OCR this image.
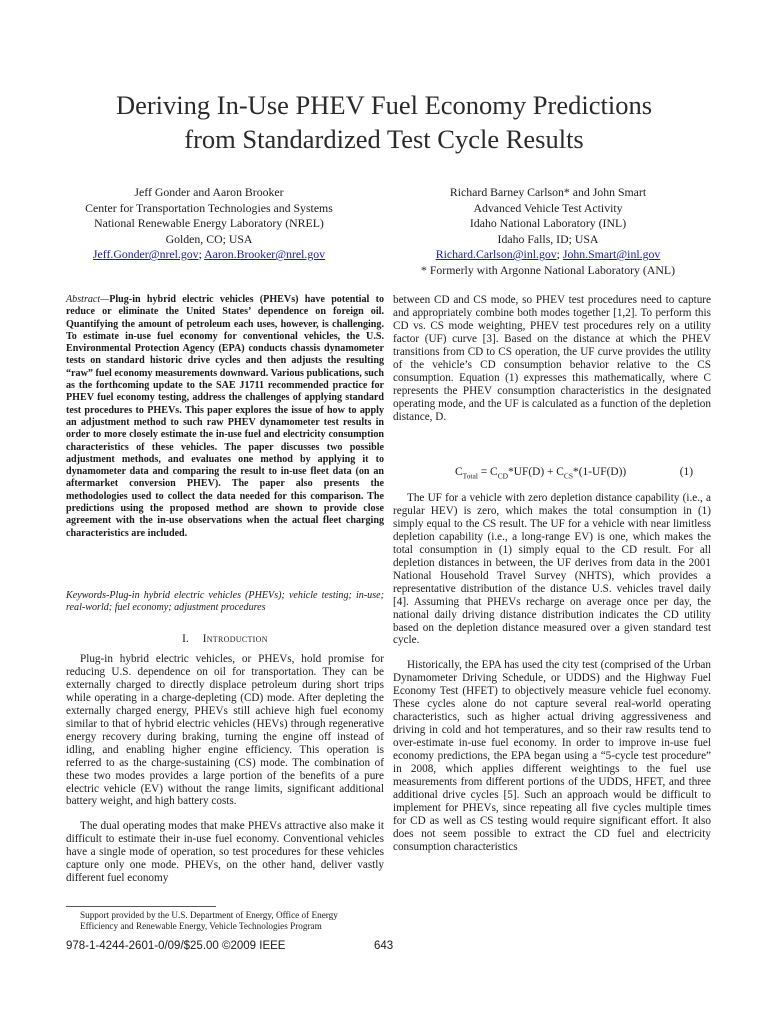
Deriving In-Use PHEV Fuel Economy Predictions
from Standardized Test Cycle Results
Jeff Gonder and Aaron Brooker
Center for Transportation Technologies and Systems
National Renewable Energy Laboratory (NREL)
Golden, CO; USA
Jeff.Gonder@nrel.gov; Aaron.Brooker@nrel.gov
Richard Barney Carlson* and John Smart
Advanced Vehicle Test Activity
Idaho National Laboratory (INL)
Idaho Falls, ID; USA
Richard.Carlson@inl.gov; John.Smart@inl.gov
* Formerly with Argonne National Laboratory (ANL)
Abstract—Plug-in hybrid electric vehicles (PHEVs) have potential to reduce or eliminate the United States’ dependence on foreign oil. Quantifying the amount of petroleum each uses, however, is challenging. To estimate in-use fuel economy for conventional vehicles, the U.S. Environmental Protection Agency (EPA) conducts chassis dynamometer tests on standard historic drive cycles and then adjusts the resulting “raw” fuel economy measurements downward. Various publications, such as the forthcoming update to the SAE J1711 recommended practice for PHEV fuel economy testing, address the challenges of applying standard test procedures to PHEVs. This paper explores the issue of how to apply an adjustment method to such raw PHEV dynamometer test results in order to more closely estimate the in-use fuel and electricity consumption characteristics of these vehicles. The paper discusses two possible adjustment methods, and evaluates one method by applying it to dynamometer data and comparing the result to in-use fleet data (on an aftermarket conversion PHEV). The paper also presents the methodologies used to collect the data needed for this comparison. The predictions using the proposed method are shown to provide close agreement with the in-use observations when the actual fleet charging characteristics are included.
Keywords-Plug-in hybrid electric vehicles (PHEVs); vehicle testing; in-use; real-world; fuel economy; adjustment procedures
I. Introduction

Plug-in hybrid electric vehicles, or PHEVs, hold promise for reducing U.S. dependence on oil for transportation. They can be externally charged to directly displace petroleum during short trips while operating in a charge-depleting (CD) mode. After depleting the externally charged energy, PHEVs still achieve high fuel economy similar to that of hybrid electric vehicles (HEVs) through regenerative energy recovery during braking, turning the engine off instead of idling, and enabling higher engine efficiency. This operation is referred to as the charge-sustaining (CS) mode. The combination of these two modes provides a large portion of the benefits of a pure electric vehicle (EV) without the range limits, significant additional battery weight, and high battery costs.

The dual operating modes that make PHEVs attractive also make it difficult to estimate their in-use fuel economy. Conventional vehicles have a single mode of operation, so test procedures for these vehicles capture only one mode. PHEVs, on the other hand, deliver vastly different fuel economy

Support provided by the U.S. Department of Energy, Office of Energy
Efficiency and Renewable Energy, Vehicle Technologies Program
978-1-4244-2601-0/09/$25.00 ©2009 IEEE	643

between CD and CS mode, so PHEV test procedures need to capture and appropriately combine both modes together [1,2]. To perform this CD vs. CS mode weighting, PHEV test procedures rely on a utility factor (UF) curve [3]. Based on the distance at which the PHEV transitions from CD to CS operation, the UF curve provides the utility of the vehicle’s CD consumption behavior relative to the CS consumption. Equation (1) expresses this mathematically, where C represents the PHEV consumption characteristics in the designated operating mode, and the UF is calculated as a function of the depletion distance, D.

$C_{Total} = C_{CD}*UF(D) + C_{CS}*(1-UF(D))$	(1)

The UF for a vehicle with zero depletion distance capability (i.e., a regular HEV) is zero, which makes the total consumption in (1) simply equal to the CS result. The UF for a vehicle with near limitless depletion capability (i.e., a long-range EV) is one, which makes the total consumption in (1) simply equal to the CD result. For all depletion distances in between, the UF derives from data in the 2001 National Household Travel Survey (NHTS), which provides a representative distribution of the distance U.S. vehicles travel daily [4]. Assuming that PHEVs recharge on average once per day, the national daily driving distance distribution indicates the CD utility based on the depletion distance measured over a given standard test cycle.

Historically, the EPA has used the city test (comprised of the Urban Dynamometer Driving Schedule, or UDDS) and the Highway Fuel Economy Test (HFET) to objectively measure vehicle fuel economy. These cycles alone do not capture several real-world operating characteristics, such as higher actual driving aggressiveness and driving in cold and hot temperatures, and so their raw results tend to over-estimate in-use fuel economy. In order to improve in-use fuel economy predictions, the EPA began using a “5-cycle test procedure” in 2008, which applies different weightings to the fuel use measurements from different portions of the UDDS, HFET, and three additional drive cycles [5]. Such an approach would be difficult to implement for PHEVs, since repeating all five cycles multiple times for CD as well as CS testing would require significant effort. It also does not seem possible to extract the CD fuel and electricity consumption characteristics
